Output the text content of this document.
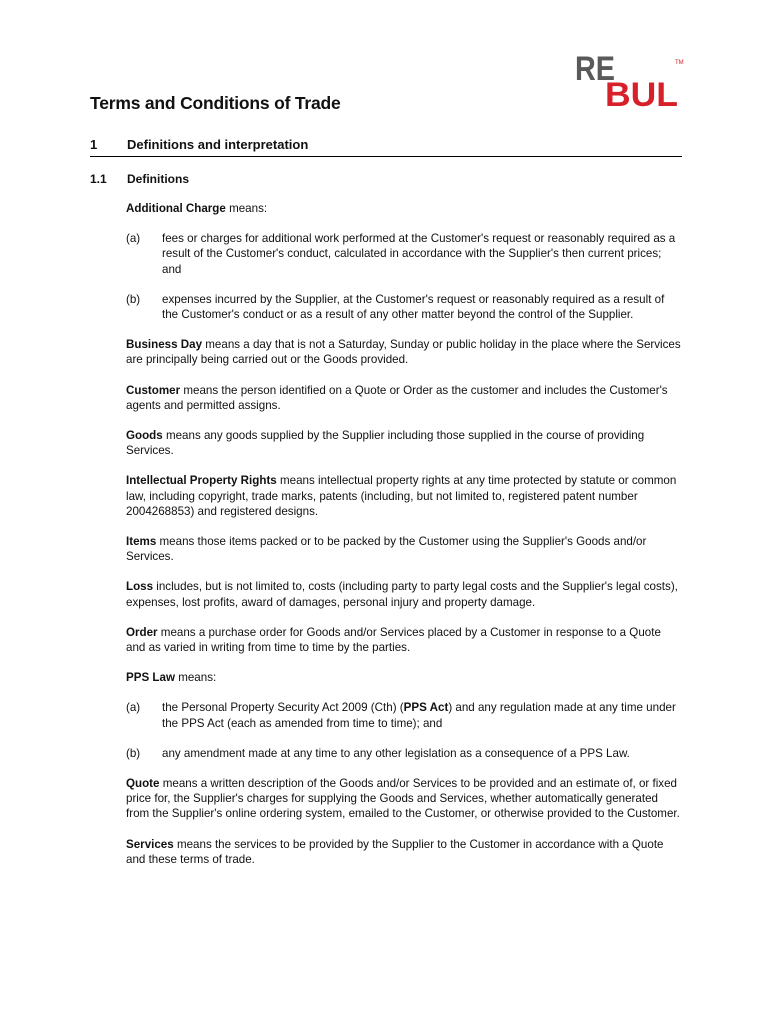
RE
BUL
TM
Terms and Conditions of Trade
1 Definitions and interpretation
1.1 Definitions

Additional Charge means:

(a) fees or charges for additional work performed at the Customer's request or reasonably required as a result of the Customer's conduct, calculated in accordance with the Supplier's then current prices; and
(b) expenses incurred by the Supplier, at the Customer's request or reasonably required as a result of the Customer's conduct or as a result of any other matter beyond the control of the Supplier.

Business Day means a day that is not a Saturday, Sunday or public holiday in the place where the Services are principally being carried out or the Goods provided.

Customer means the person identified on a Quote or Order as the customer and includes the Customer's agents and permitted assigns.

Goods means any goods supplied by the Supplier including those supplied in the course of providing Services.

Intellectual Property Rights means intellectual property rights at any time protected by statute or common law, including copyright, trade marks, patents (including, but not limited to, registered patent number 2004268853) and registered designs.

Items means those items packed or to be packed by the Customer using the Supplier's Goods and/or Services.

Loss includes, but is not limited to, costs (including party to party legal costs and the Supplier's legal costs), expenses, lost profits, award of damages, personal injury and property damage.

Order means a purchase order for Goods and/or Services placed by a Customer in response to a Quote and as varied in writing from time to time by the parties.

PPS Law means:

(a) the Personal Property Security Act 2009 (Cth) (PPS Act) and any regulation made at any time under the PPS Act (each as amended from time to time); and
(b) any amendment made at any time to any other legislation as a consequence of a PPS Law.

Quote means a written description of the Goods and/or Services to be provided and an estimate of, or fixed price for, the Supplier's charges for supplying the Goods and Services, whether automatically generated from the Supplier's online ordering system, emailed to the Customer, or otherwise provided to the Customer.

Services means the services to be provided by the Supplier to the Customer in accordance with a Quote and these terms of trade.
